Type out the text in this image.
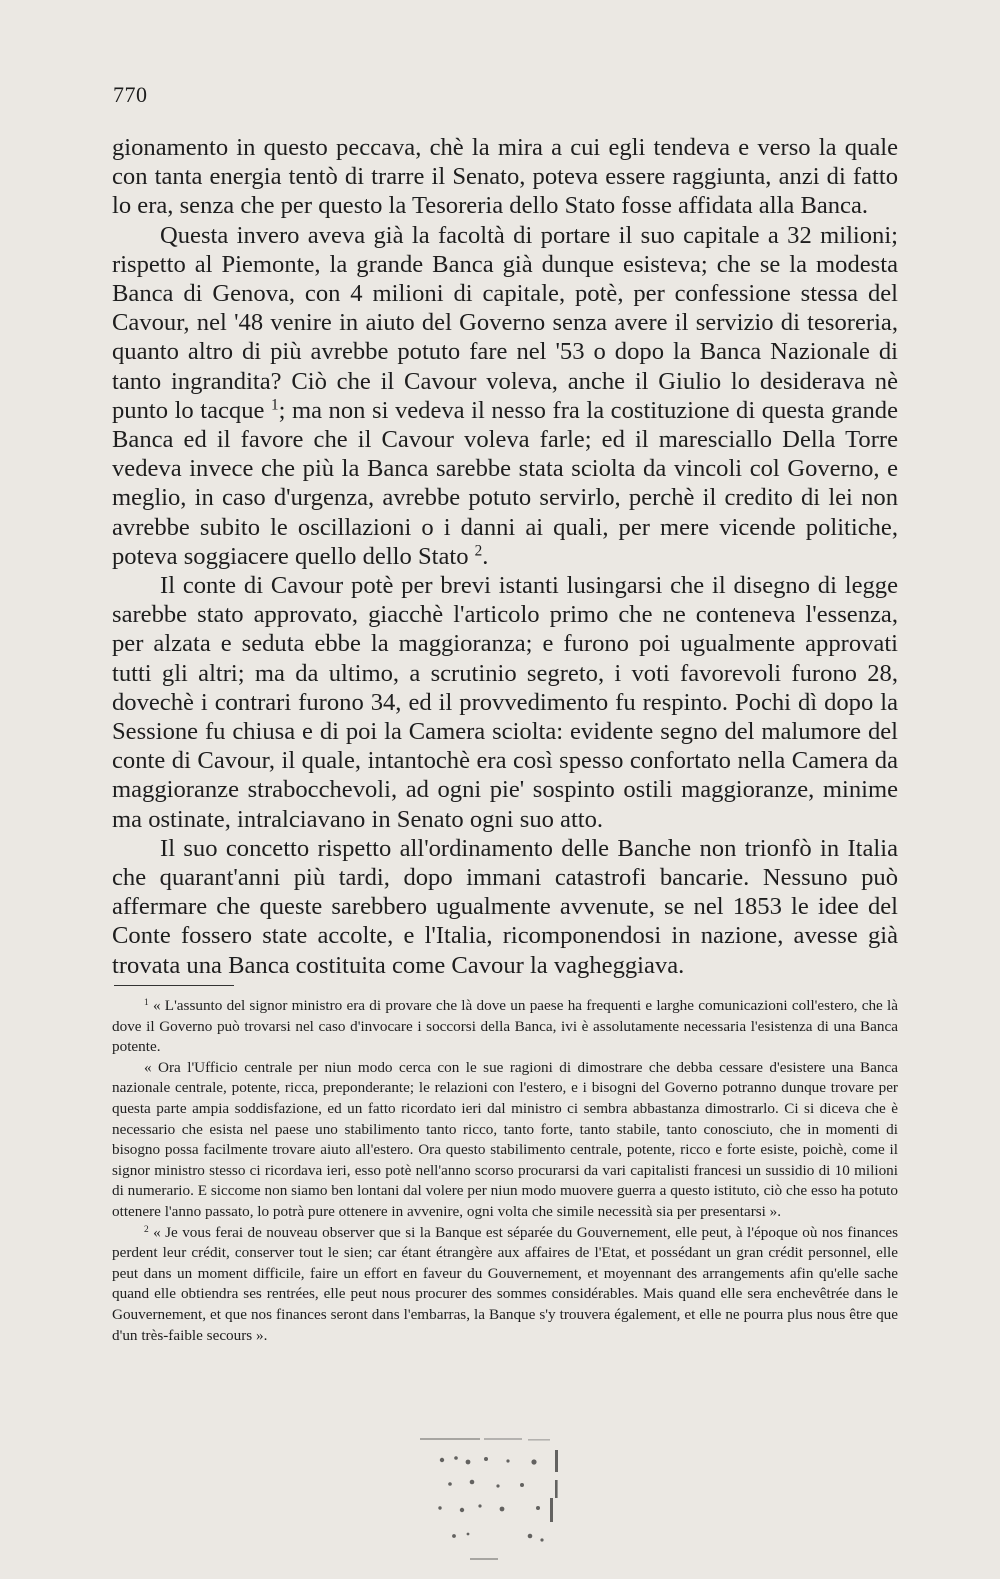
770

gionamento in questo peccava, chè la mira a cui egli tendeva e verso la quale con tanta energia tentò di trarre il Senato, poteva essere raggiunta, anzi di fatto lo era, senza che per questo la Tesoreria dello Stato fosse affidata alla Banca.

Questa invero aveva già la facoltà di portare il suo capitale a 32 milioni; rispetto al Piemonte, la grande Banca già dunque esisteva; che se la modesta Banca di Genova, con 4 milioni di capitale, potè, per confessione stessa del Cavour, nel '48 venire in aiuto del Governo senza avere il servizio di tesoreria, quanto altro di più avrebbe potuto fare nel '53 o dopo la Banca Nazionale di tanto ingrandita? Ciò che il Cavour voleva, anche il Giulio lo desiderava nè punto lo tacque $^1$; ma non si vedeva il nesso fra la costituzione di questa grande Banca ed il favore che il Cavour voleva farle; ed il maresciallo Della Torre vedeva invece che più la Banca sarebbe stata sciolta da vincoli col Governo, e meglio, in caso d'urgenza, avrebbe potuto servirlo, perchè il credito di lei non avrebbe subito le oscillazioni o i danni ai quali, per mere vicende politiche, poteva soggiacere quello dello Stato $^2$.

Il conte di Cavour potè per brevi istanti lusingarsi che il disegno di legge sarebbe stato approvato, giacchè l'articolo primo che ne conteneva l'essenza, per alzata e seduta ebbe la maggioranza; e furono poi ugualmente approvati tutti gli altri; ma da ultimo, a scrutinio segreto, i voti favorevoli furono 28, dovechè i contrari furono 34, ed il provvedimento fu respinto. Pochi dì dopo la Sessione fu chiusa e di poi la Camera sciolta: evidente segno del malumore del conte di Cavour, il quale, intantochè era così spesso confortato nella Camera da maggioranze strabocchevoli, ad ogni pie' sospinto ostili maggioranze, minime ma ostinate, intralciavano in Senato ogni suo atto.

Il suo concetto rispetto all'ordinamento delle Banche non trionfò in Italia che quarant'anni più tardi, dopo immani catastrofi bancarie. Nessuno può affermare che queste sarebbero ugualmente avvenute, se nel 1853 le idee del Conte fossero state accolte, e l'Italia, ricomponendosi in nazione, avesse già trovata una Banca costituita come Cavour la vagheggiava.

$^1$ « L'assunto del signor ministro era di provare che là dove un paese ha frequenti e larghe comunicazioni coll'estero, che là dove il Governo può trovarsi nel caso d'invocare i soccorsi della Banca, ivi è assolutamente necessaria l'esistenza di una Banca potente.

« Ora l'Ufficio centrale per niun modo cerca con le sue ragioni di dimostrare che debba cessare d'esistere una Banca nazionale centrale, potente, ricca, preponderante; le relazioni con l'estero, e i bisogni del Governo potranno dunque trovare per questa parte ampia soddisfazione, ed un fatto ricordato ieri dal ministro ci sembra abbastanza dimostrarlo. Ci si diceva che è necessario che esista nel paese uno stabilimento tanto ricco, tanto forte, tanto stabile, tanto conosciuto, che in momenti di bisogno possa facilmente trovare aiuto all'estero. Ora questo stabilimento centrale, potente, ricco e forte esiste, poichè, come il signor ministro stesso ci ricordava ieri, esso potè nell'anno scorso procurarsi da vari capitalisti francesi un sussidio di 10 milioni di numerario. E siccome non siamo ben lontani dal volere per niun modo muovere guerra a questo istituto, ciò che esso ha potuto ottenere l'anno passato, lo potrà pure ottenere in avvenire, ogni volta che simile necessità sia per presentarsi ».

$^2$ « Je vous ferai de nouveau observer que si la Banque est séparée du Gouvernement, elle peut, à l'époque où nos finances perdent leur crédit, conserver tout le sien; car étant étrangère aux affaires de l'Etat, et possédant un gran crédit personnel, elle peut dans un moment difficile, faire un effort en faveur du Gouvernement, et moyennant des arrangements afin qu'elle sache quand elle obtiendra ses rentrées, elle peut nous procurer des sommes considérables. Mais quand elle sera enchevêtrée dans le Gouvernement, et que nos finances seront dans l'embarras, la Banque s'y trouvera également, et elle ne pourra plus nous être que d'un très-faible secours ».
